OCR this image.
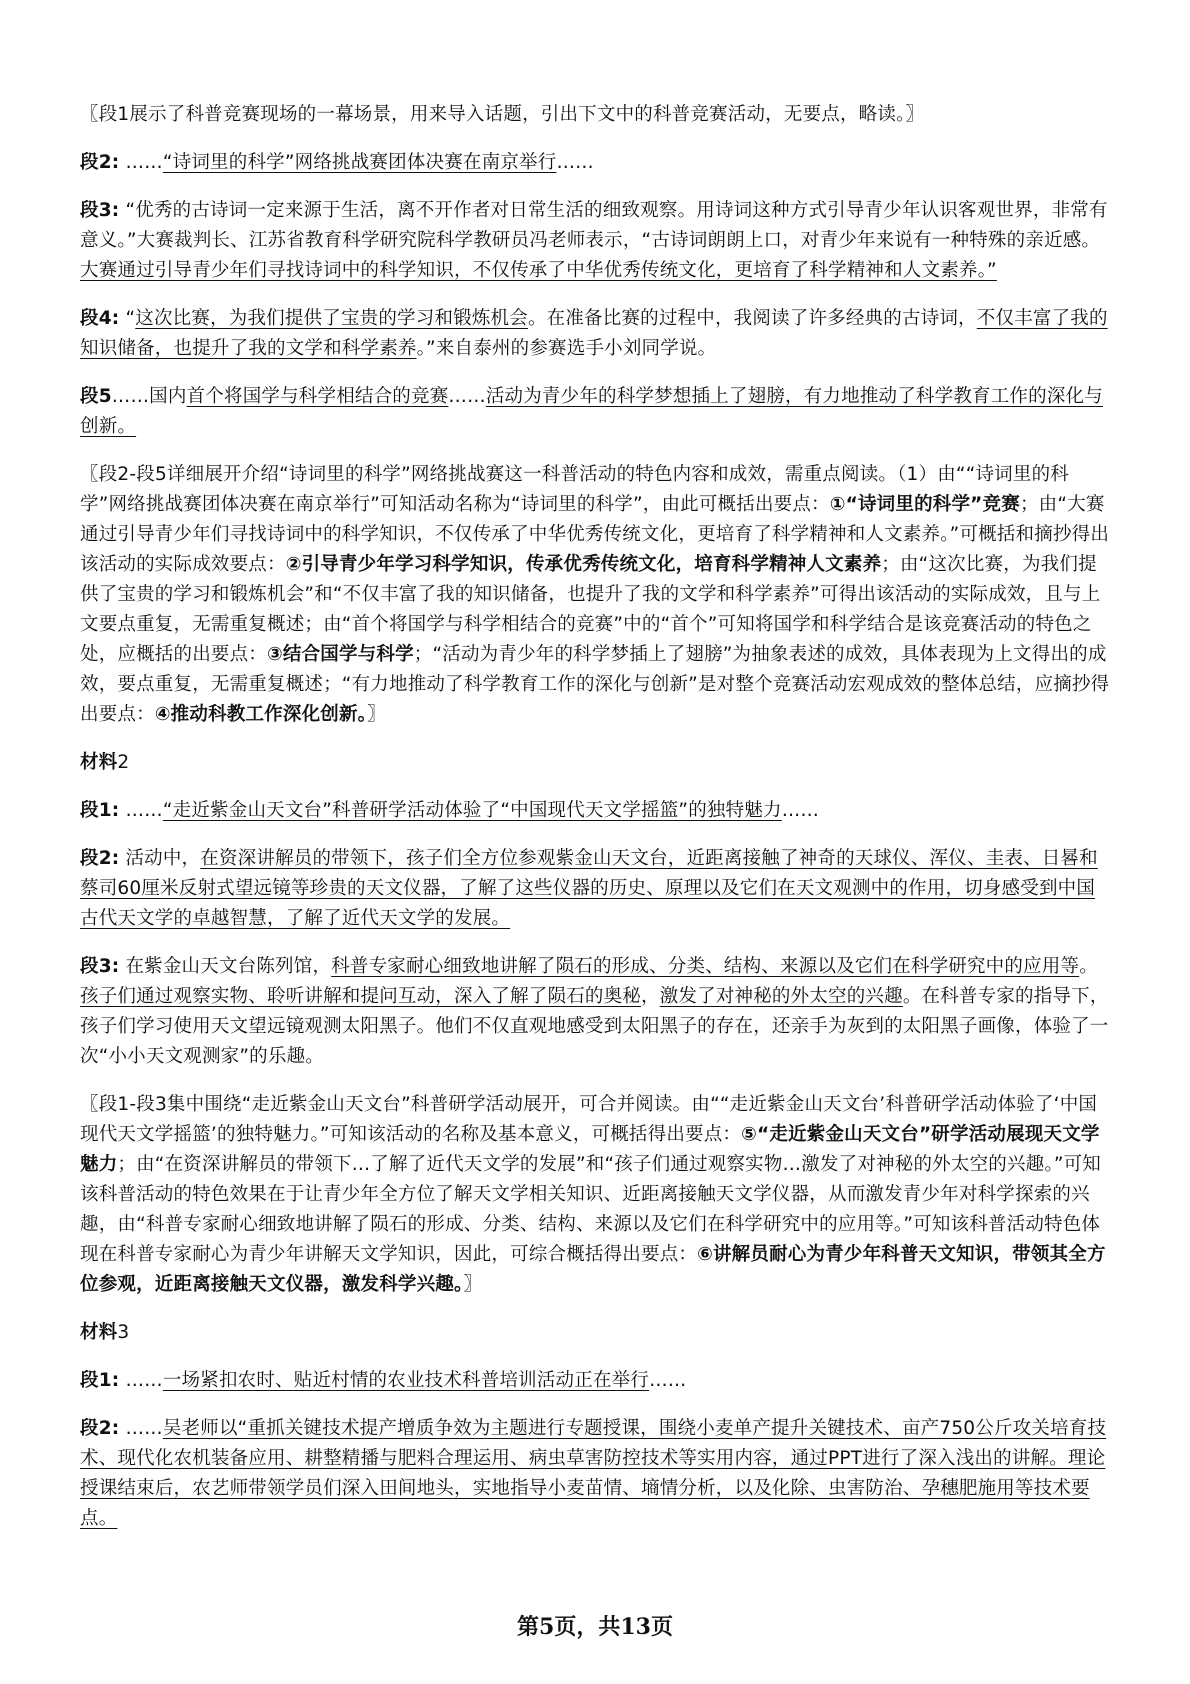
〖段1展示了科普竞赛现场的一幕场景，用来导入话题，引出下文中的科普竞赛活动，无要点，略读。〗

段2: ……“诗词里的科学”网络挑战赛团体决赛在南京举行……

段3: “优秀的古诗词一定来源于生活，离不开作者对日常生活的细致观察。用诗词这种方式引导青少年认识客观世界，非常有意义。”大赛裁判长、江苏省教育科学研究院科学教研员冯老师表示，“古诗词朗朗上口，对青少年来说有一种特殊的亲近感。大赛通过引导青少年们寻找诗词中的科学知识，不仅传承了中华优秀传统文化，更培育了科学精神和人文素养。”

段4: “这次比赛，为我们提供了宝贵的学习和锻炼机会。在准备比赛的过程中，我阅读了许多经典的古诗词，不仅丰富了我的知识储备，也提升了我的文学和科学素养。”来自泰州的参赛选手小刘同学说。

段5……国内首个将国学与科学相结合的竞赛……活动为青少年的科学梦想插上了翅膀，有力地推动了科学教育工作的深化与创新。

〖段2-段5详细展开介绍“诗词里的科学”网络挑战赛这一科普活动的特色内容和成效，需重点阅读。（1）由““诗词里的科学”网络挑战赛团体决赛在南京举行”可知活动名称为“诗词里的科学”，由此可概括出要点：①“诗词里的科学”竞赛；由“大赛通过引导青少年们寻找诗词中的科学知识，不仅传承了中华优秀传统文化，更培育了科学精神和人文素养。”可概括和摘抄得出该活动的实际成效要点：②引导青少年学习科学知识，传承优秀传统文化，培育科学精神人文素养；由“这次比赛，为我们提供了宝贵的学习和锻炼机会”和“不仅丰富了我的知识储备，也提升了我的文学和科学素养”可得出该活动的实际成效，且与上文要点重复，无需重复概述；由“首个将国学与科学相结合的竞赛”中的“首个”可知将国学和科学结合是该竞赛活动的特色之处，应概括的出要点：③结合国学与科学；“活动为青少年的科学梦插上了翅膀”为抽象表述的成效，具体表现为上文得出的成效，要点重复，无需重复概述；“有力地推动了科学教育工作的深化与创新”是对整个竞赛活动宏观成效的整体总结，应摘抄得出要点：④推动科教工作深化创新。〗

材料2

段1: ……“走近紫金山天文台”科普研学活动体验了“中国现代天文学摇篮”的独特魅力……

段2: 活动中，在资深讲解员的带领下，孩子们全方位参观紫金山天文台，近距离接触了神奇的天球仪、浑仪、圭表、日晷和蔡司60厘米反射式望远镜等珍贵的天文仪器，了解了这些仪器的历史、原理以及它们在天文观测中的作用，切身感受到中国古代天文学的卓越智慧，了解了近代天文学的发展。

段3: 在紫金山天文台陈列馆，科普专家耐心细致地讲解了陨石的形成、分类、结构、来源以及它们在科学研究中的应用等。孩子们通过观察实物、聆听讲解和提问互动，深入了解了陨石的奥秘，激发了对神秘的外太空的兴趣。在科普专家的指导下，孩子们学习使用天文望远镜观测太阳黑子。他们不仅直观地感受到太阳黑子的存在，还亲手为灰到的太阳黑子画像，体验了一次“小小天文观测家”的乐趣。

〖段1-段3集中围绕“走近紫金山天文台”科普研学活动展开，可合并阅读。由““走近紫金山天文台’科普研学活动体验了‘中国现代天文学摇篮’的独特魅力。”可知该活动的名称及基本意义，可概括得出要点：⑤“走近紫金山天文台”研学活动展现天文学魅力；由“在资深讲解员的带领下…了解了近代天文学的发展”和“孩子们通过观察实物…激发了对神秘的外太空的兴趣。”可知该科普活动的特色效果在于让青少年全方位了解天文学相关知识、近距离接触天文学仪器，从而激发青少年对科学探索的兴趣，由“科普专家耐心细致地讲解了陨石的形成、分类、结构、来源以及它们在科学研究中的应用等。”可知该科普活动特色体现在科普专家耐心为青少年讲解天文学知识，因此，可综合概括得出要点：⑥讲解员耐心为青少年科普天文知识，带领其全方位参观，近距离接触天文仪器，激发科学兴趣。〗

材料3

段1: ……一场紧扣农时、贴近村情的农业技术科普培训活动正在举行……

段2: ……吴老师以“重抓关键技术提产增质争效为主题进行专题授课，围绕小麦单产提升关键技术、亩产750公斤攻关培育技术、现代化农机装备应用、耕整精播与肥料合理运用、病虫草害防控技术等实用内容，通过PPT进行了深入浅出的讲解。理论授课结束后，农艺师带领学员们深入田间地头，实地指导小麦苗情、墒情分析，以及化除、虫害防治、孕穗肥施用等技术要点。

第5页，共13页
